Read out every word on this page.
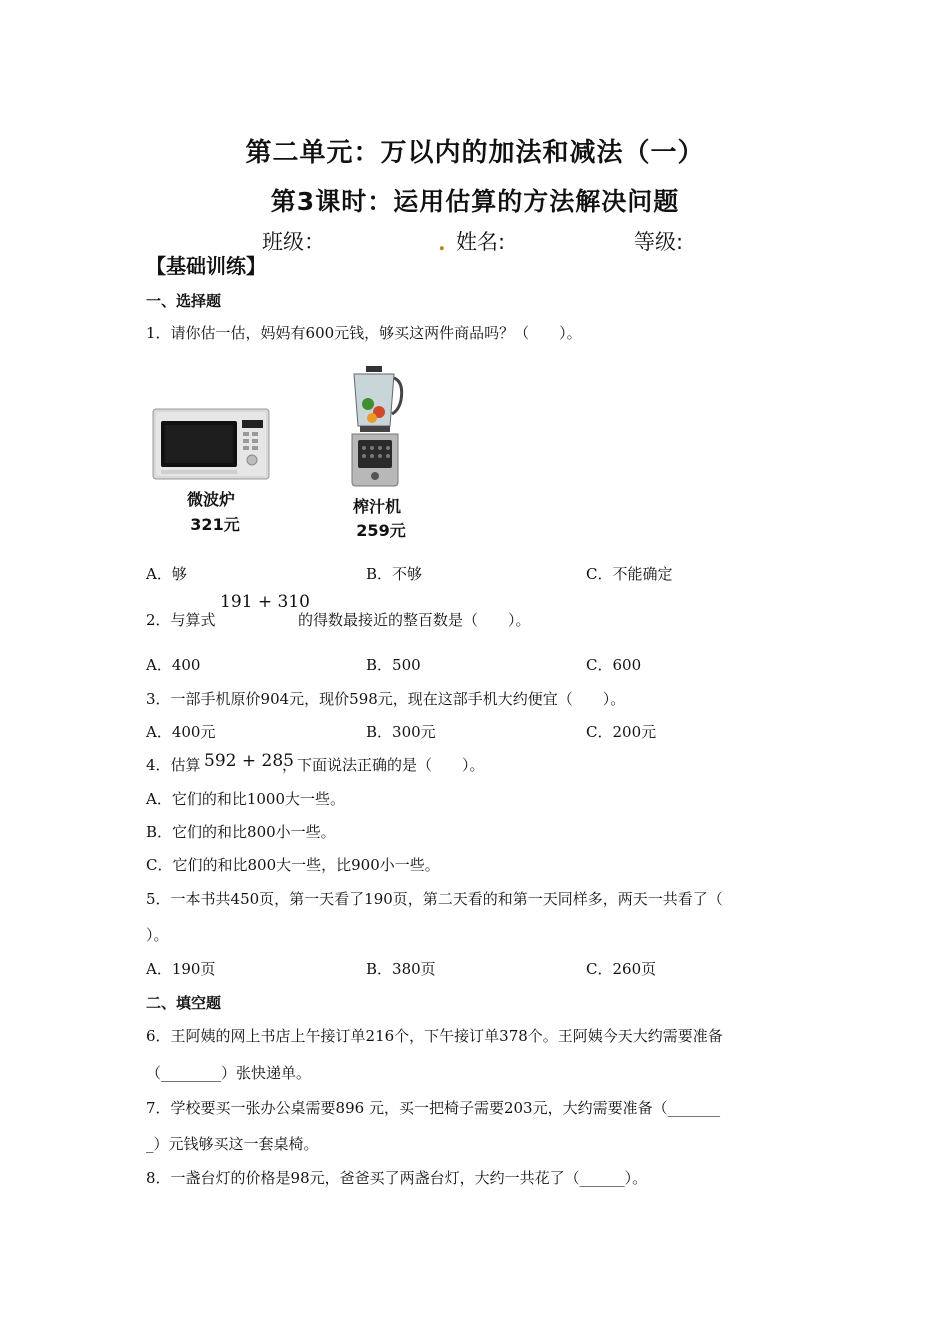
第二单元：万以内的加法和减法（一）
第3课时：运用估算的方法解决问题
班级：	. 姓名:	等级:
【基础训练】
一、选择题
1．请你估一估，妈妈有600元钱，够买这两件商品吗？（　　）。
微波炉
321元
榨汁机
259元
A．够	B．不够	C．不能确定
2．与算式
191 + 310
的得数最接近的整百数是（　　）。
A．400	B．500	C．600
3．一部手机原价904元，现价598元，现在这部手机大约便宜（　　）。
A．400元	B．300元	C．200元
4．估算 592 + 285
，下面说法正确的是（　　）。
A．它们的和比1000大一些。
B．它们的和比800小一些。
C．它们的和比800大一些，比900小一些。
5．一本书共450页，第一天看了190页，第二天看的和第一天同样多，两天一共看了（
）。
A．190页	B．380页	C．260页
二、填空题
6．王阿姨的网上书店上午接订单216个，下午接订单378个。王阿姨今天大约需要准备
（________）张快递单。
7．学校要买一张办公桌需要896 元，买一把椅子需要203元，大约需要准备（_______
_）元钱够买这一套桌椅。
8．一盏台灯的价格是98元，爸爸买了两盏台灯，大约一共花了（______）。
